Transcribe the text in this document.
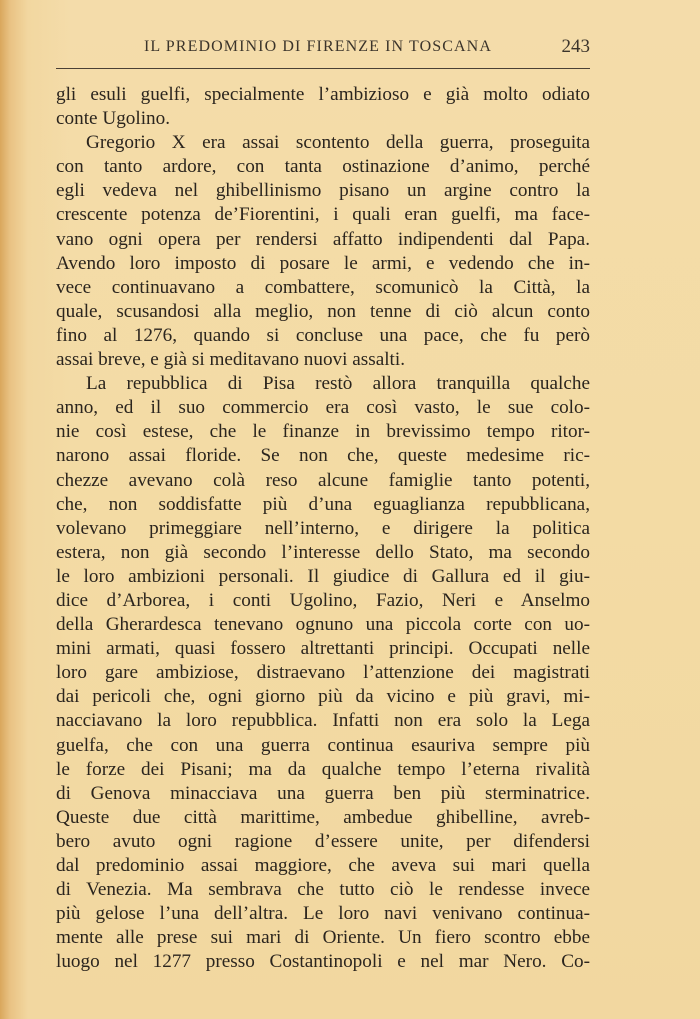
IL PREDOMINIO DI FIRENZE IN TOSCANA	243
gli esuli guelfi, specialmente l’ambizioso e già molto odiato
conte Ugolino.
Gregorio X era assai scontento della guerra, proseguita
con tanto ardore, con tanta ostinazione d’animo, perché
egli vedeva nel ghibellinismo pisano un argine contro la
crescente potenza de’Fiorentini, i quali eran guelfi, ma face-
vano ogni opera per rendersi affatto indipendenti dal Papa.
Avendo loro imposto di posare le armi, e vedendo che in-
vece continuavano a combattere, scomunicò la Città, la
quale, scusandosi alla meglio, non tenne di ciò alcun conto
fino al 1276, quando si concluse una pace, che fu però
assai breve, e già si meditavano nuovi assalti.
La repubblica di Pisa restò allora tranquilla qualche
anno, ed il suo commercio era così vasto, le sue colo-
nie così estese, che le finanze in brevissimo tempo ritor-
narono assai floride. Se non che, queste medesime ric-
chezze avevano colà reso alcune famiglie tanto potenti,
che, non soddisfatte più d’una eguaglianza repubblicana,
volevano primeggiare nell’interno, e dirigere la politica
estera, non già secondo l’interesse dello Stato, ma secondo
le loro ambizioni personali. Il giudice di Gallura ed il giu-
dice d’Arborea, i conti Ugolino, Fazio, Neri e Anselmo
della Gherardesca tenevano ognuno una piccola corte con uo-
mini armati, quasi fossero altrettanti principi. Occupati nelle
loro gare ambiziose, distraevano l’attenzione dei magistrati
dai pericoli che, ogni giorno più da vicino e più gravi, mi-
nacciavano la loro repubblica. Infatti non era solo la Lega
guelfa, che con una guerra continua esauriva sempre più
le forze dei Pisani; ma da qualche tempo l’eterna rivalità
di Genova minacciava una guerra ben più sterminatrice.
Queste due città marittime, ambedue ghibelline, avreb-
bero avuto ogni ragione d’essere unite, per difendersi
dal predominio assai maggiore, che aveva sui mari quella
di Venezia. Ma sembrava che tutto ciò le rendesse invece
più gelose l’una dell’altra. Le loro navi venivano continua-
mente alle prese sui mari di Oriente. Un fiero scontro ebbe
luogo nel 1277 presso Costantinopoli e nel mar Nero. Co-
